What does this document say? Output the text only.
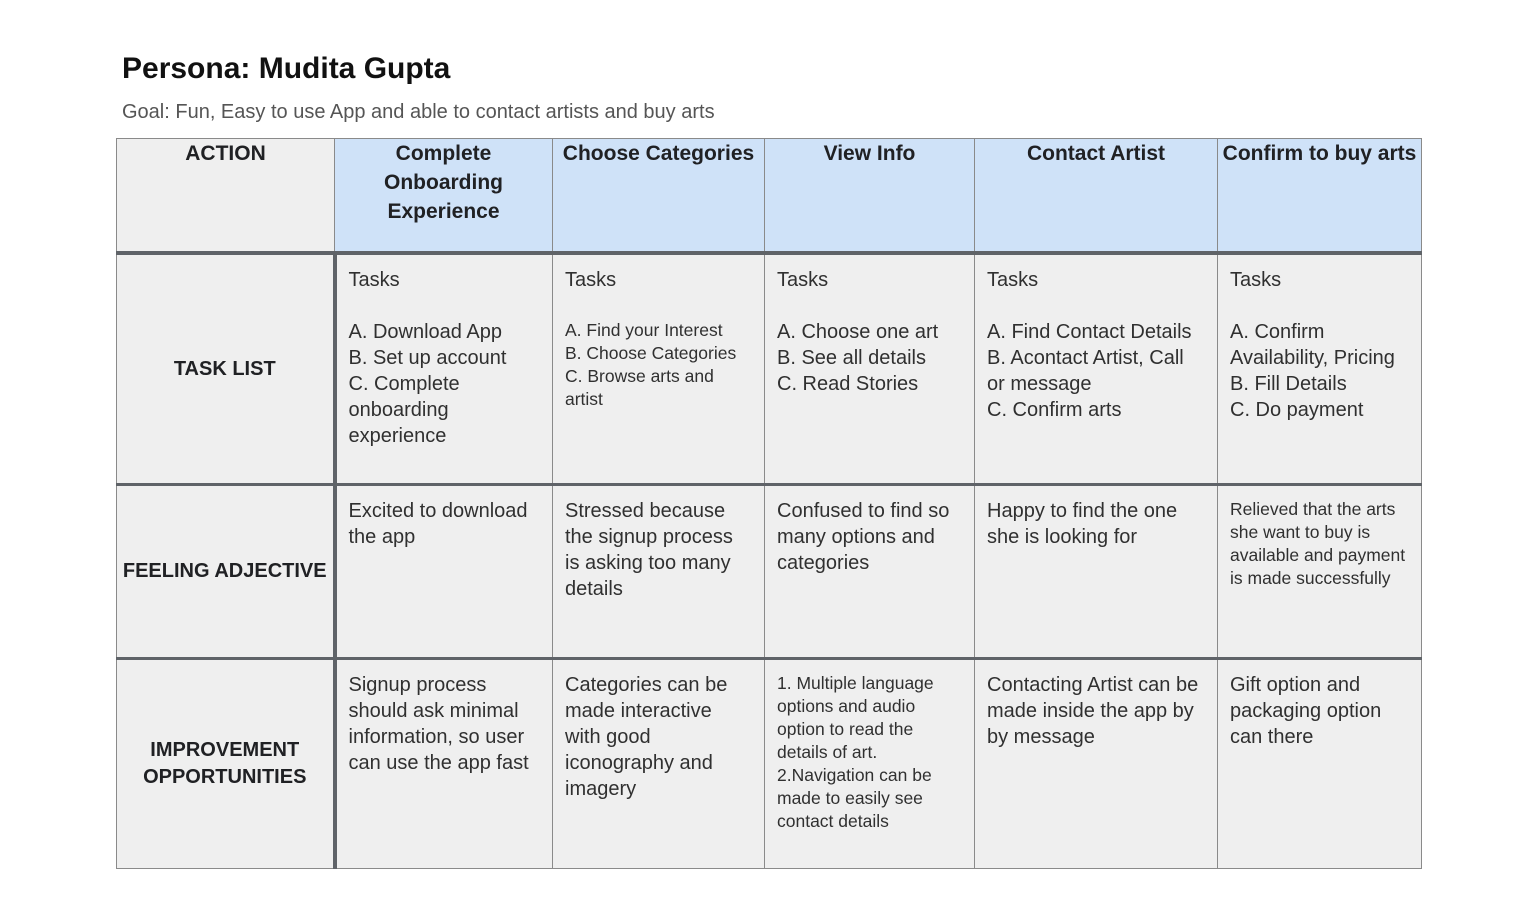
Persona: Mudita Gupta
Goal: Fun, Easy to use App and able to contact artists and buy arts
ACTION	Complete Onboarding Experience	Choose Categories	View Info	Contact Artist	Confirm to buy arts
TASK LIST	Tasks
A. Download App
B. Set up account
C. Complete onboarding experience	Tasks
A. Find your Interest
B. Choose Categories
C. Browse arts and artist	Tasks
A. Choose one art
B. See all details
C. Read Stories	Tasks
A. Find Contact Details
B. Acontact Artist, Call or message
C. Confirm arts	Tasks
A. Confirm Availability, Pricing
B. Fill Details
C. Do payment

FEELING ADJECTIVE	Excited to download the app	Stressed because the signup process is asking too many details	Confused to find so many options and categories	Happy to find the one she is looking for	Relieved that the arts she want to buy is available and payment is made successfully
IMPROVEMENT OPPORTUNITIES	Signup process should ask minimal information, so user can use the app fast	Categories can be made interactive with good iconography and imagery	1. Multiple language options and audio option to read the details of art.
2.Navigation can be made to easily see contact details	Contacting Artist can be made inside the app by by message	Gift option and packaging option can there
